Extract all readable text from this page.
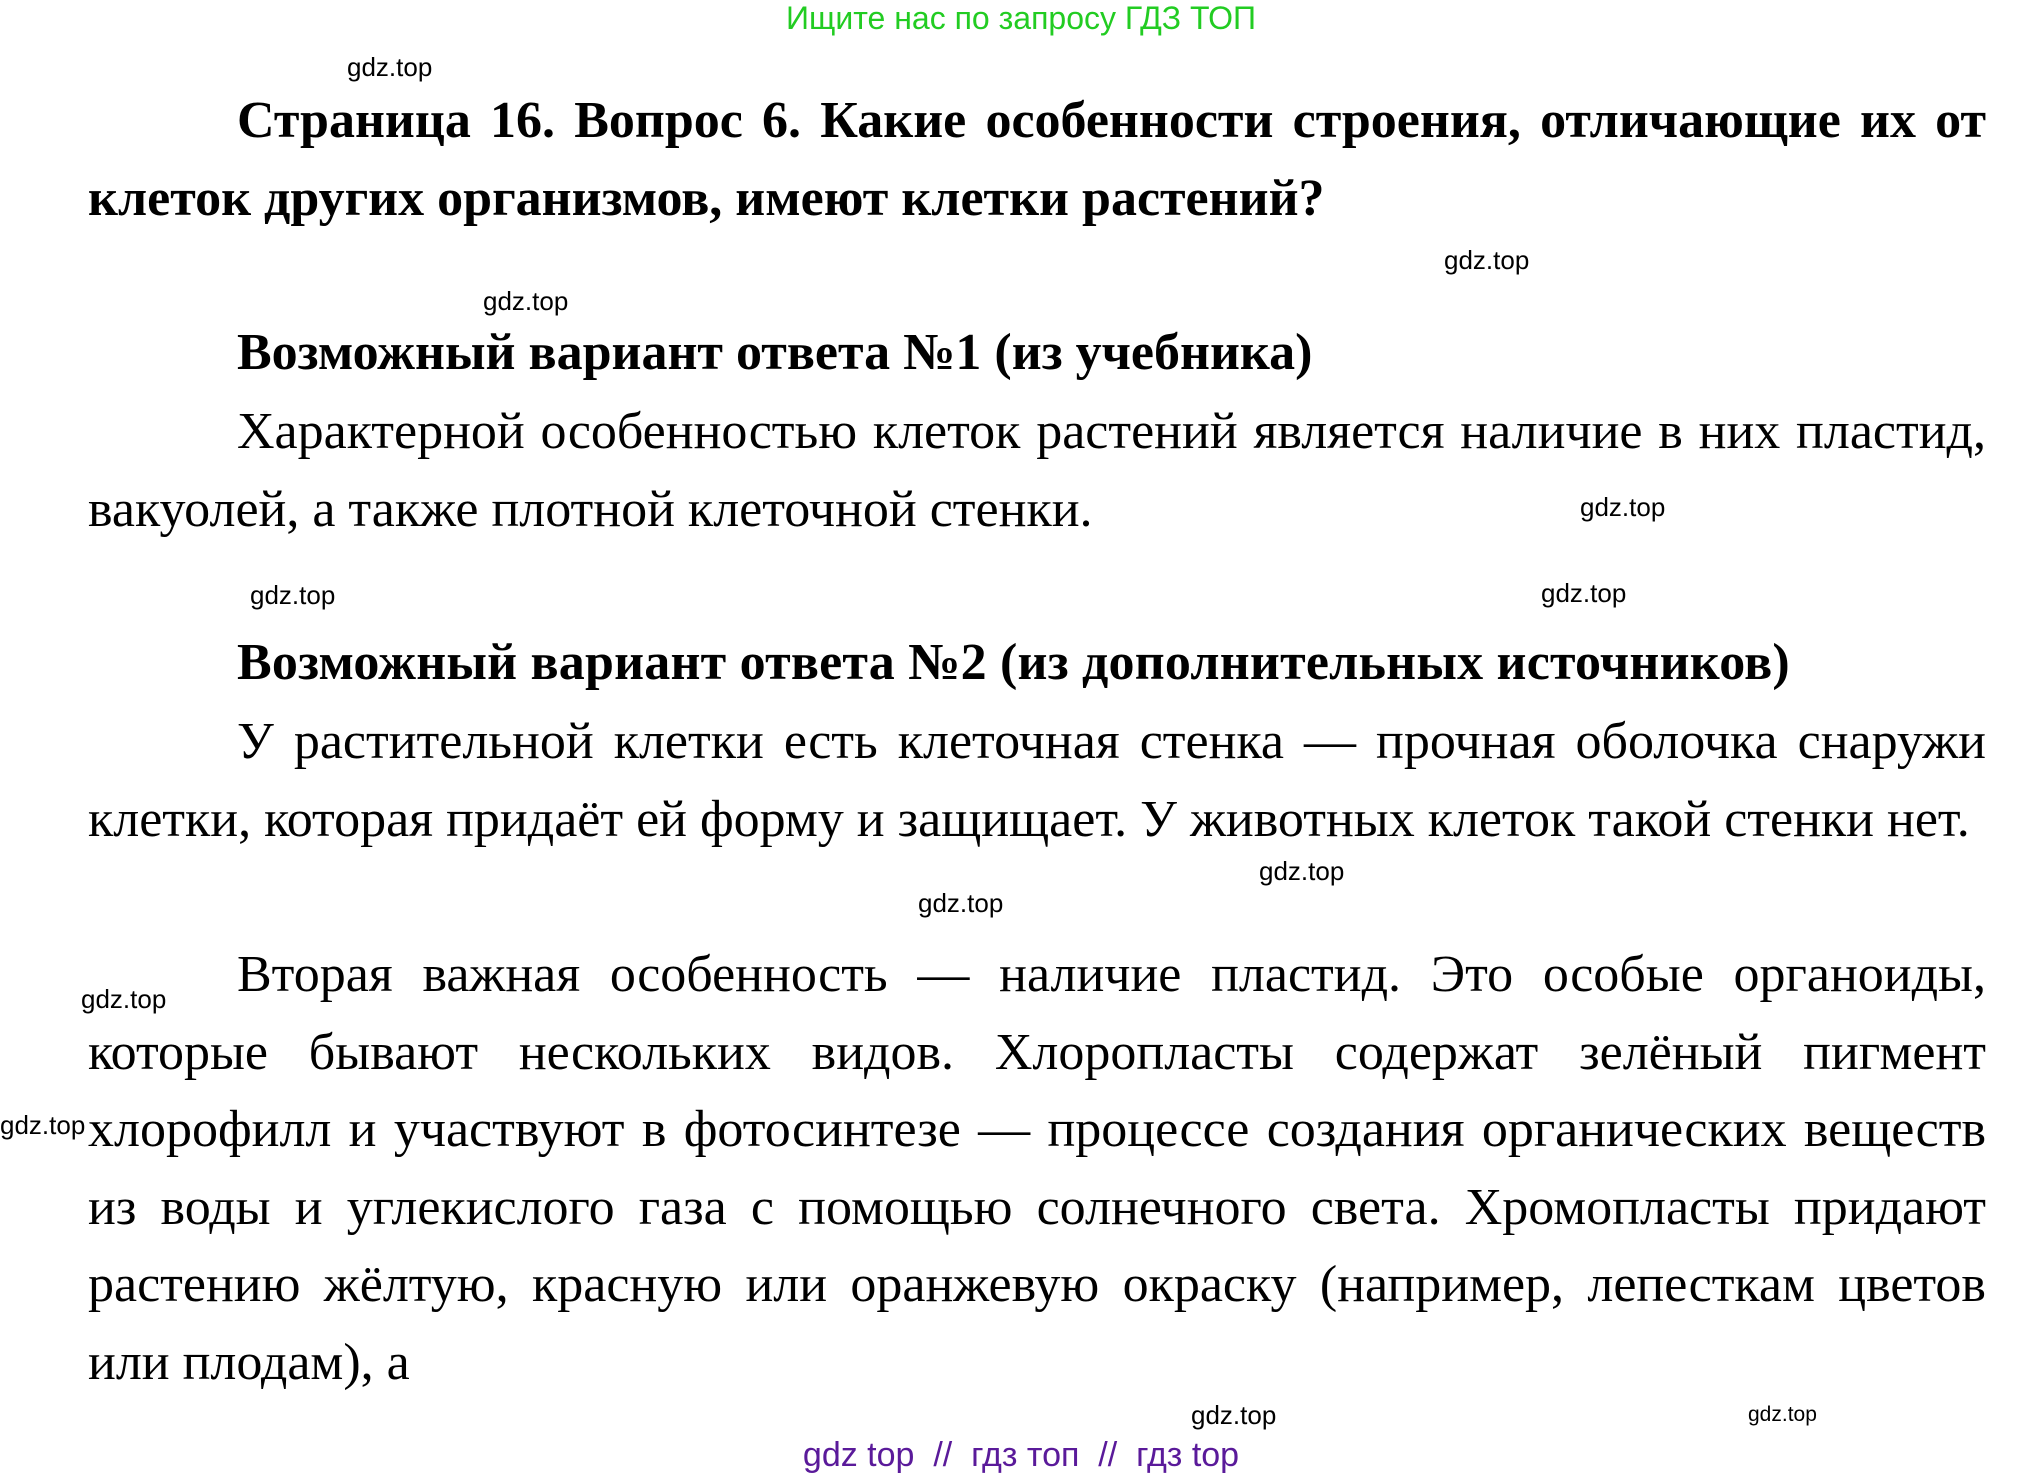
Ищите нас по запросу ГДЗ ТОП
Страница 16. Вопрос 6. Какие особенности строения, отличающие их от клеток других организмов, имеют клетки растений?
Возможный вариант ответа №1 (из учебника)
Характерной особенностью клеток растений является наличие в них пластид, вакуолей, а также плотной клеточной стенки.
Возможный вариант ответа №2 (из дополнительных источников)
У растительной клетки есть клеточная стенка — прочная оболочка снаружи клетки, которая придаёт ей форму и защищает. У животных клеток такой стенки нет.
Вторая важная особенность — наличие пластид. Это особые органоиды, которые бывают нескольких видов. Хлоропласты содержат зелёный пигмент хлорофилл и участвуют в фотосинтезе — процессе создания органических веществ из воды и углекислого газа с помощью солнечного света. Хромопласты придают растению жёлтую, красную или оранжевую окраску (например, лепесткам цветов или плодам), а
gdz.top
gdz.top
gdz.top
gdz.top
gdz.top	gdz.top
gdz.top
gdz.top
gdz.top
gdz.top
gdz.top	gdz.top
gdz top  //  гдз топ  //  гдз top
